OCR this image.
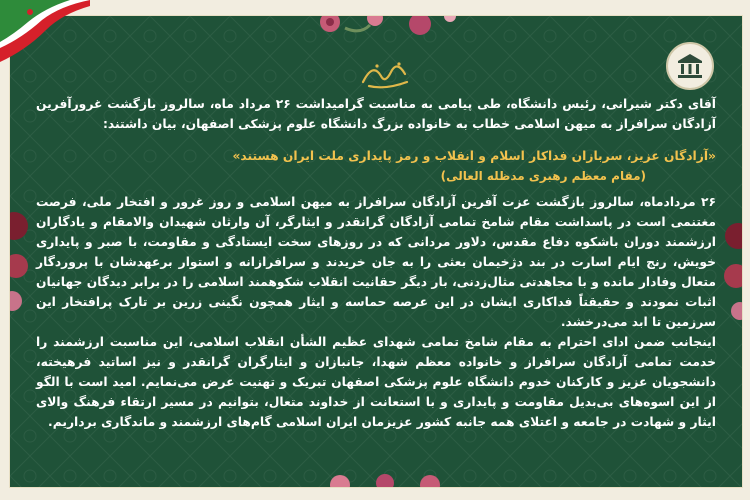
آقای دکتر شیرانی، رئیس دانشگاه، طی پیامی به مناسبت گرامیداشت ۲۶ مرداد ماه، سالروز بازگشت غرورآفرین آزادگان سرافراز به میهن اسلامی خطاب به خانواده بزرگ دانشگاه علوم پزشکی اصفهان، بیان داشتند:

«آزادگان عزیز، سربازان فداکار اسلام و انقلاب و رمز پایداری ملت ایران هستند»

(مقام معظم رهبری مدظله العالی)

۲۶ مردادماه، سالروز بازگشت عزت آفرین آزادگان سرافراز به میهن اسلامی و روز غرور و افتخار ملی، فرصت مغتنمی است در پاسداشت مقام شامخ تمامی آزادگان گرانقدر و ایثارگر، آن وارثان شهیدان والامقام و یادگاران ارزشمند دوران باشکوه دفاع مقدس، دلاور مردانی که در روزهای سخت ایستادگی و مقاومت، با صبر و پایداری خویش، رنج ایام اسارت در بند دژخیمان بعثی را به جان خریدند و سرافرازانه و استوار برعهدشان با پروردگار متعال وفادار مانده و با مجاهدتی مثال‌زدنی، بار دیگر حقانیت انقلاب شکوهمند اسلامی را در برابر دیدگان جهانیان اثبات نمودند و حقیقتاً فداکاری ایشان در این عرصه حماسه و ایثار همچون نگینی زرین بر تارک پرافتخار این سرزمین تا ابد می‌درخشد.

اینجانب ضمن ادای احترام به مقام شامخ تمامی شهدای عظیم الشأن انقلاب اسلامی، این مناسبت ارزشمند را خدمت تمامی آزادگان سرافراز و خانواده معظم شهدا، جانبازان و ایثارگران گرانقدر و نیز اساتید فرهیخته، دانشجویان عزیز و کارکنان خدوم دانشگاه علوم پزشکی اصفهان تبریک و تهنیت عرض می‌نمایم. امید است با الگو از این اسوه‌های بی‌بدیل مقاومت و پایداری و با استعانت از خداوند متعال، بتوانیم در مسیر ارتقاء فرهنگ والای ایثار و شهادت در جامعه و اعتلای همه جانبه کشور عزیزمان ایران اسلامی گام‌های ارزشمند و ماندگاری برداریم.
